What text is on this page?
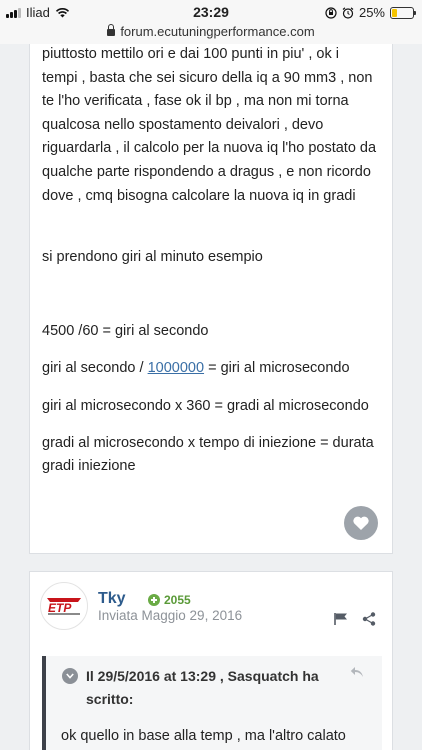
Iliad	23:29	25%
forum.ecutuningperformance.com

piuttosto mettilo ori e dai 100 punti in piu' , ok i

tempi , basta che sei sicuro della iq a 90 mm3 , non

te l'ho verificata , fase ok il bp , ma non mi torna

qualcosa nello spostamento deivalori , devo

riguardarla , il calcolo per la nuova iq l'ho postato da

qualche parte rispondendo a dragus , e non ricordo

dove , cmq bisogna calcolare la nuova iq in gradi

si prendono giri al minuto esempio

4500 /60 = giri al secondo

giri al secondo / 1000000 = giri al microsecondo

giri al microsecondo x 360 = gradi al microsecondo

gradi al microsecondo x tempo di iniezione = durata

gradi iniezione

ETP
Tky	2055
Inviata Maggio 29, 2016
Il 29/5/2016 at 13:29 , Sasquatch ha
scritto:
ok quello in base alla temp , ma l'altro calato
